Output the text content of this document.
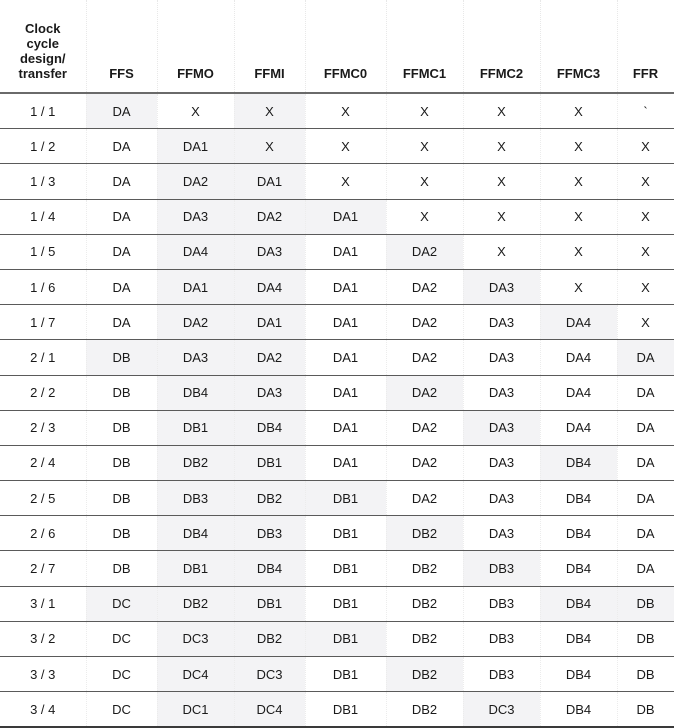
Clock
cycle
design/
transfer	FFS	FFMO	FFMI	FFMC0	FFMC1	FFMC2	FFMC3	FFR
1 / 1	DA	X	X	X	X	X	X	`
1 / 2	DA	DA1	X	X	X	X	X	X
1 / 3	DA	DA2	DA1	X	X	X	X	X
1 / 4	DA	DA3	DA2	DA1	X	X	X	X
1 / 5	DA	DA4	DA3	DA1	DA2	X	X	X
1 / 6	DA	DA1	DA4	DA1	DA2	DA3	X	X
1 / 7	DA	DA2	DA1	DA1	DA2	DA3	DA4	X
2 / 1	DB	DA3	DA2	DA1	DA2	DA3	DA4	DA
2 / 2	DB	DB4	DA3	DA1	DA2	DA3	DA4	DA
2 / 3	DB	DB1	DB4	DA1	DA2	DA3	DA4	DA
2 / 4	DB	DB2	DB1	DA1	DA2	DA3	DB4	DA
2 / 5	DB	DB3	DB2	DB1	DA2	DA3	DB4	DA
2 / 6	DB	DB4	DB3	DB1	DB2	DA3	DB4	DA
2 / 7	DB	DB1	DB4	DB1	DB2	DB3	DB4	DA
3 / 1	DC	DB2	DB1	DB1	DB2	DB3	DB4	DB
3 / 2	DC	DC3	DB2	DB1	DB2	DB3	DB4	DB
3 / 3	DC	DC4	DC3	DB1	DB2	DB3	DB4	DB
3 / 4	DC	DC1	DC4	DB1	DB2	DC3	DB4	DB
